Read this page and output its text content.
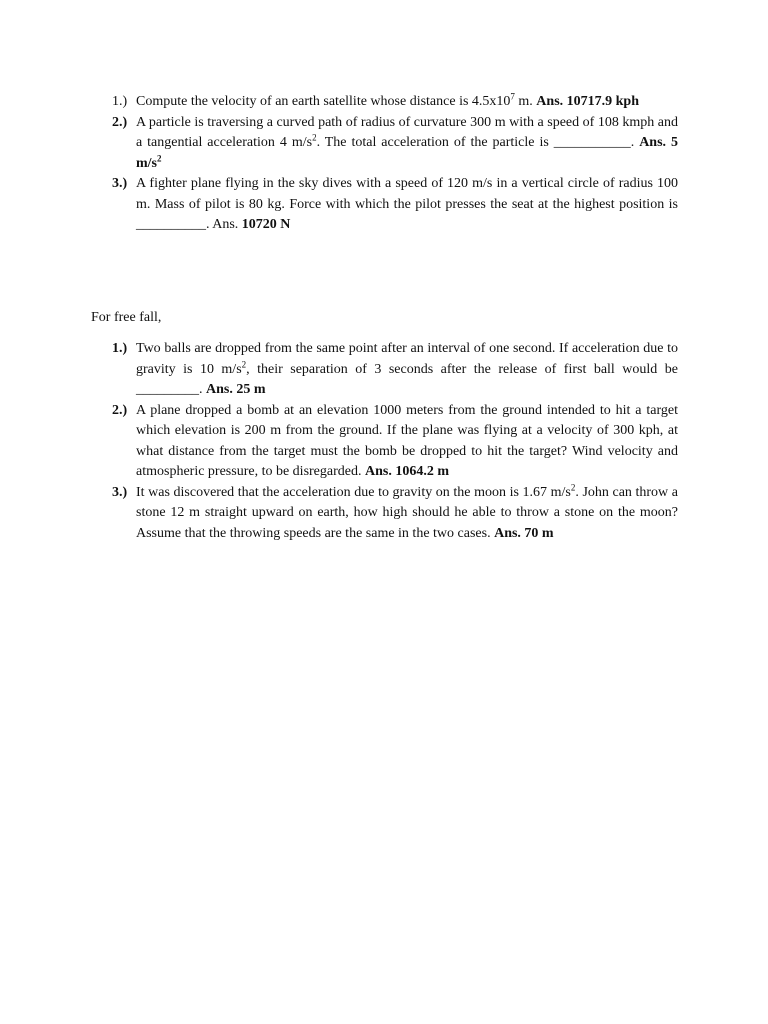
1.) Compute the velocity of an earth satellite whose distance is $4.5x10^7$ m. Ans. 10717.9 kph
2.) A particle is traversing a curved path of radius of curvature 300 m with a speed of 108 kmph and a tangential acceleration 4 $m/s^2$. The total acceleration of the particle is ___________. Ans. 5 $m/s^2$
3.) A fighter plane flying in the sky dives with a speed of 120 m/s in a vertical circle of radius 100 m. Mass of pilot is 80 kg. Force with which the pilot presses the seat at the highest position is __________. Ans. 10720 N
For free fall,
1.) Two balls are dropped from the same point after an interval of one second. If acceleration due to gravity is 10 $m/s^2$, their separation of 3 seconds after the release of first ball would be _________. Ans. 25 m
2.) A plane dropped a bomb at an elevation 1000 meters from the ground intended to hit a target which elevation is 200 m from the ground. If the plane was flying at a velocity of 300 kph, at what distance from the target must the bomb be dropped to hit the target? Wind velocity and atmospheric pressure, to be disregarded. Ans. 1064.2 m
3.) It was discovered that the acceleration due to gravity on the moon is 1.67 $m/s^2$. John can throw a stone 12 m straight upward on earth, how high should he able to throw a stone on the moon? Assume that the throwing speeds are the same in the two cases. Ans. 70 m
